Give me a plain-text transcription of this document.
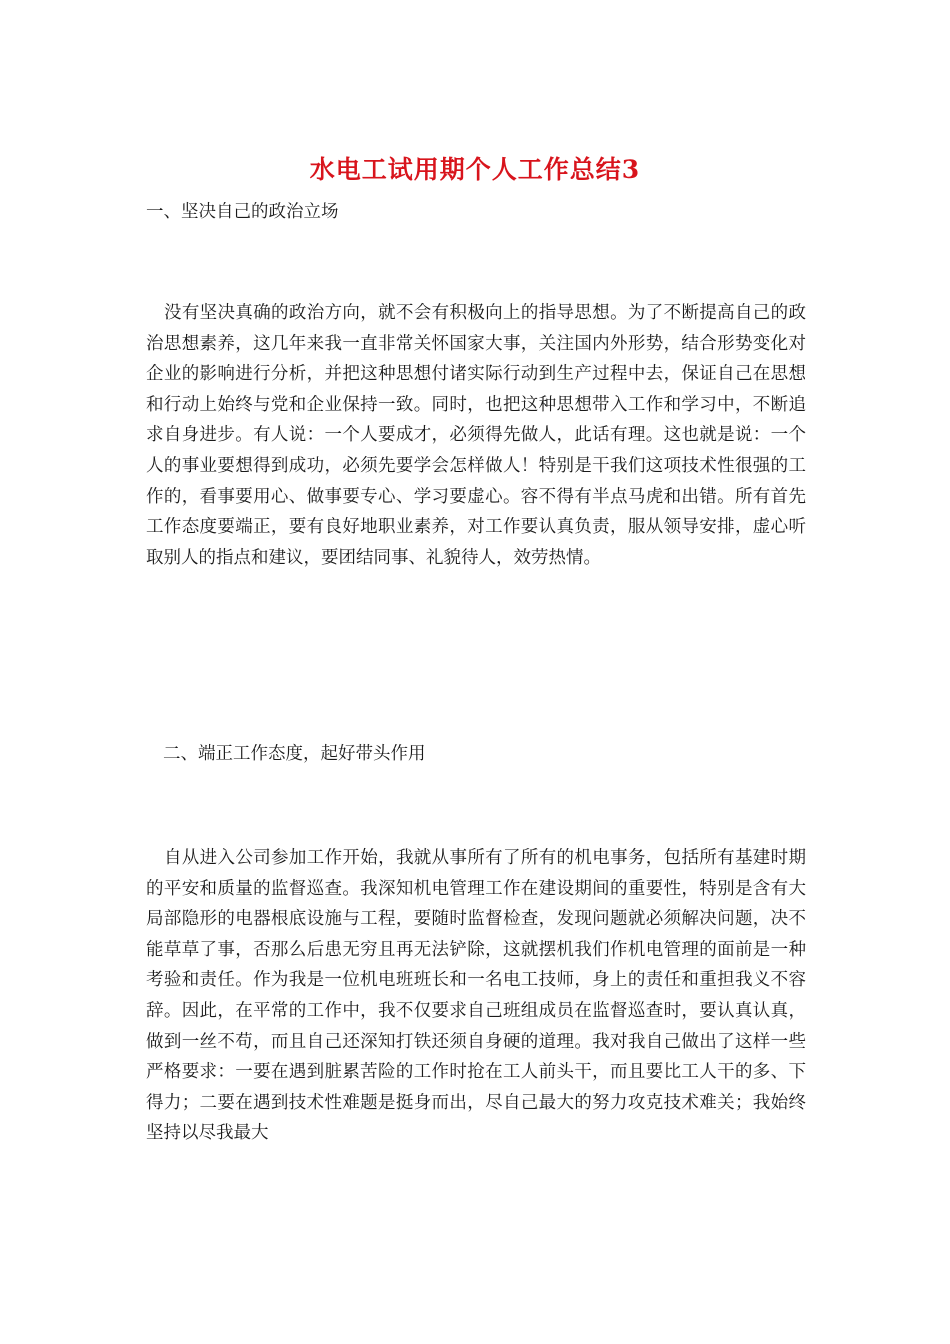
水电工试用期个人工作总结3

一、坚决自己的政治立场

没有坚决真确的政治方向，就不会有积极向上的指导思想。为了不断提高自己的政治思想素养，这几年来我一直非常关怀国家大事，关注国内外形势，结合形势变化对企业的影响进行分析，并把这种思想付诸实际行动到生产过程中去，保证自己在思想和行动上始终与党和企业保持一致。同时，也把这种思想带入工作和学习中，不断追求自身进步。有人说：一个人要成才，必须得先做人，此话有理。这也就是说：一个人的事业要想得到成功，必须先要学会怎样做人！特别是干我们这项技术性很强的工作的，看事要用心、做事要专心、学习要虚心。容不得有半点马虎和出错。所有首先工作态度要端正，要有良好地职业素养，对工作要认真负责，服从领导安排，虚心听取别人的指点和建议，要团结同事、礼貌待人，效劳热情。

二、端正工作态度，起好带头作用

自从进入公司参加工作开始，我就从事所有了所有的机电事务，包括所有基建时期的平安和质量的监督巡查。我深知机电管理工作在建设期间的重要性，特别是含有大局部隐形的电器根底设施与工程，要随时监督检查，发现问题就必须解决问题，决不能草草了事，否那么后患无穷且再无法铲除，这就摆机我们作机电管理的面前是一种考验和责任。作为我是一位机电班班长和一名电工技师，身上的责任和重担我义不容辞。因此，在平常的工作中，我不仅要求自己班组成员在监督巡查时，要认真认真，做到一丝不苟，而且自己还深知打铁还须自身硬的道理。我对我自己做出了这样一些严格要求：一要在遇到脏累苦险的工作时抢在工人前头干，而且要比工人干的多、下得力；二要在遇到技术性难题是挺身而出，尽自己最大的努力攻克技术难关；我始终坚持以尽我最大
